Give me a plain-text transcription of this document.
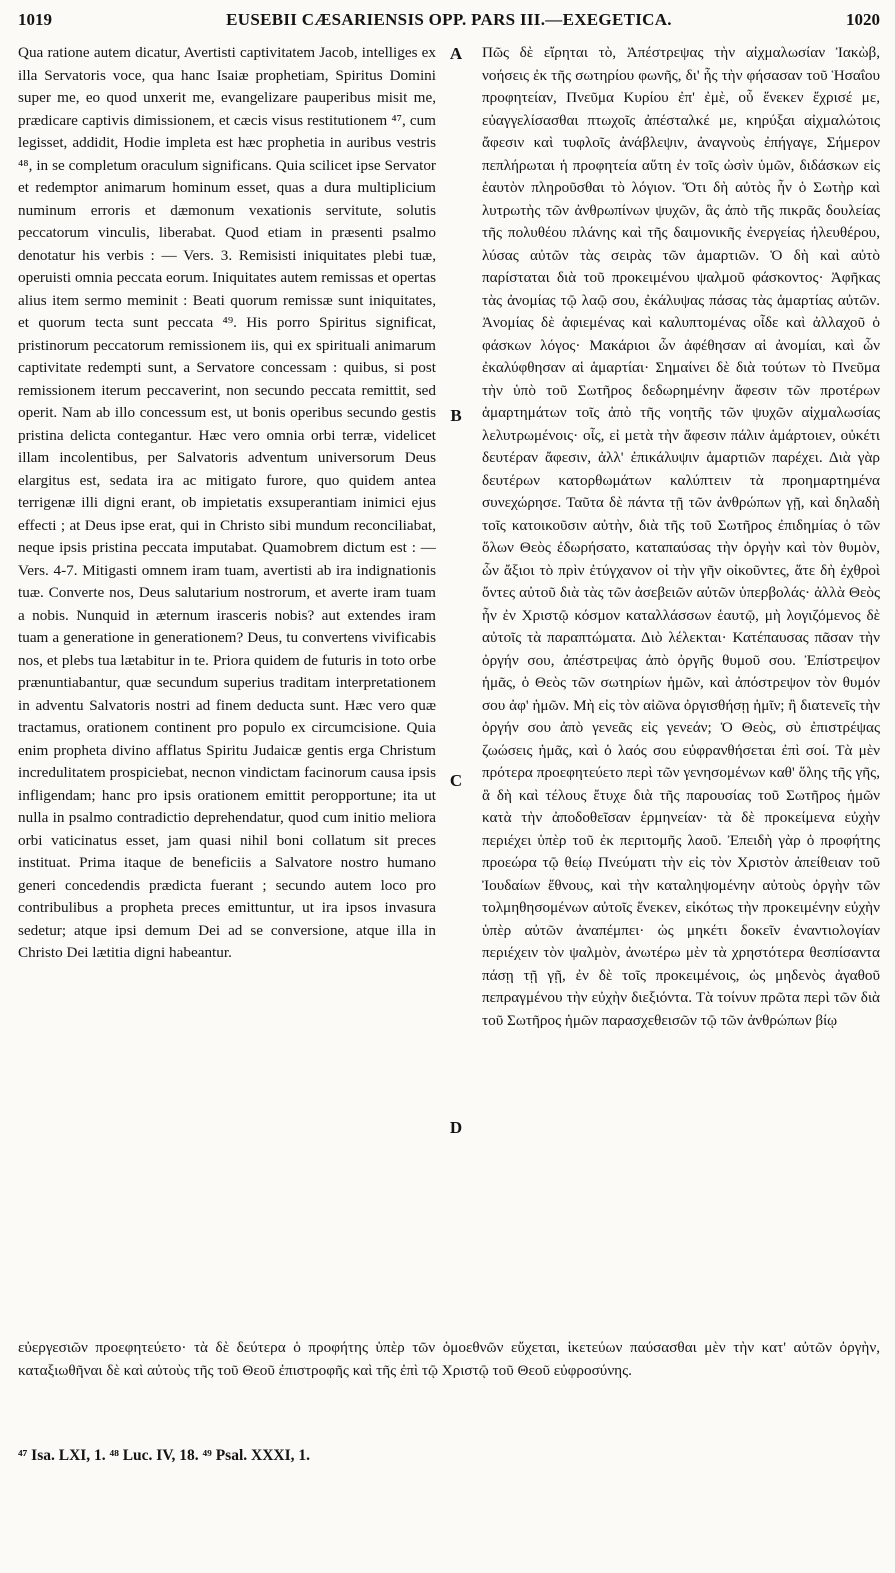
1019	EUSEBII CÆSARIENSIS OPP. PARS III.—EXEGETICA.	1020

Qua ratione autem dicatur, Avertisti captivitatem Jacob, intelliges ex illa Servatoris voce, qua hanc Isaiæ prophetiam, Spiritus Domini super me, eo quod unxerit me, evangelizare pauperibus misit me, prædicare captivis dimissionem, et cæcis visus restitutionem ⁴⁷, cum legisset, addidit, Hodie impleta est hæc prophetia in auribus vestris ⁴⁸, in se completum oraculum significans. Quia scilicet ipse Servator et redemptor animarum hominum esset, quas a dura multiplicium numinum erroris et dæmonum vexationis servitute, solutis peccatorum vinculis, liberabat. Quod etiam in præsenti psalmo denotatur his verbis : — Vers. 3. Remisisti iniquitates plebi tuæ, operuisti omnia peccata eorum. Iniquitates autem remissas et opertas alius item sermo meminit : Beati quorum remissæ sunt iniquitates, et quorum tecta sunt peccata ⁴⁹. His porro Spiritus significat, pristinorum peccatorum remissionem iis, qui ex spirituali animarum captivitate redempti sunt, a Servatore concessam : quibus, si post remissionem iterum peccaverint, non secundo peccata remittit, sed operit. Nam ab illo concessum est, ut bonis operibus secundo gestis pristina delicta contegantur. Hæc vero omnia orbi terræ, videlicet illam incolentibus, per Salvatoris adventum universorum Deus elargitus est, sedata ira ac mitigato furore, quo quidem antea terrigenæ illi digni erant, ob impietatis exsuperantiam inimici ejus effecti ; at Deus ipse erat, qui in Christo sibi mundum reconciliabat, neque ipsis pristina peccata imputabat. Quamobrem dictum est : — Vers. 4-7. Mitigasti omnem iram tuam, avertisti ab ira indignationis tuæ. Converte nos, Deus salutarium nostrorum, et averte iram tuam a nobis. Nunquid in æternum irasceris nobis? aut extendes iram tuam a generatione in generationem? Deus, tu convertens vivificabis nos, et plebs tua lætabitur in te. Priora quidem de futuris in toto orbe prænuntiabantur, quæ secundum superius traditam interpretationem in adventu Salvatoris nostri ad finem deducta sunt. Hæc vero quæ tractamus, orationem continent pro populo ex circumcisione. Quia enim propheta divino afflatus Spiritu Judaicæ gentis erga Christum incredulitatem prospiciebat, necnon vindictam facinorum causa ipsis infligendam; hanc pro ipsis orationem emittit peropportune; ita ut nulla in psalmo contradictio deprehendatur, quod cum initio meliora orbi vaticinatus esset, jam quasi nihil boni collatum sit preces instituat. Prima itaque de beneficiis a Salvatore nostro humano generi concedendis prædicta fuerant ; secundo autem loco pro contribulibus a propheta preces emittuntur, ut ira ipsos invasura sedetur; atque ipsi demum Dei ad se conversione, atque illa in Christo Dei lætitia digni habeantur.

A
B
C
D

Πῶς δὲ εἴρηται τὸ, Ἀπέστρεψας τὴν αἰχμαλωσίαν Ἰακὼβ, νοήσεις ἐκ τῆς σωτηρίου φωνῆς, δι' ἧς τὴν φήσασαν τοῦ Ἡσαΐου προφητείαν, Πνεῦμα Κυρίου ἐπ' ἐμὲ, οὗ ἕνεκεν ἔχρισέ με, εὐαγγελίσασθαι πτωχοῖς ἀπέσταλκέ με, κηρύξαι αἰχμαλώτοις ἄφεσιν καὶ τυφλοῖς ἀνάβλεψιν, ἀναγνοὺς ἐπήγαγε, Σήμερον πεπλήρωται ἡ προφητεία αὕτη ἐν τοῖς ὠσὶν ὑμῶν, διδάσκων εἰς ἑαυτὸν πληροῦσθαι τὸ λόγιον. Ὅτι δὴ αὐτὸς ἦν ὁ Σωτὴρ καὶ λυτρωτὴς τῶν ἀνθρωπίνων ψυχῶν, ἃς ἀπὸ τῆς πικρᾶς δουλείας τῆς πολυθέου πλάνης καὶ τῆς δαιμονικῆς ἐνεργείας ἠλευθέρου, λύσας αὐτῶν τὰς σειρὰς τῶν ἁμαρτιῶν. Ὁ δὴ καὶ αὐτὸ παρίσταται διὰ τοῦ προκειμένου ψαλμοῦ φάσκοντος· Ἀφῆκας τὰς ἀνομίας τῷ λαῷ σου, ἐκάλυψας πάσας τὰς ἁμαρτίας αὐτῶν. Ἀνομίας δὲ ἀφιεμένας καὶ καλυπτομένας οἶδε καὶ ἀλλαχοῦ ὁ φάσκων λόγος· Μακάριοι ὧν ἀφέθησαν αἱ ἀνομίαι, καὶ ὧν ἐκαλύφθησαν αἱ ἁμαρτίαι· Σημαίνει δὲ διὰ τούτων τὸ Πνεῦμα τὴν ὑπὸ τοῦ Σωτῆρος δεδωρημένην ἄφεσιν τῶν προτέρων ἁμαρτημάτων τοῖς ἀπὸ τῆς νοητῆς τῶν ψυχῶν αἰχμαλωσίας λελυτρωμένοις· οἷς, εἰ μετὰ τὴν ἄφεσιν πάλιν ἁμάρτοιεν, οὐκέτι δευτέραν ἄφεσιν, ἀλλ' ἐπικάλυψιν ἁμαρτιῶν παρέχει. Διὰ γὰρ δευτέρων κατορθωμάτων καλύπτειν τὰ προημαρτημένα συνεχώρησε. Ταῦτα δὲ πάντα τῇ τῶν ἀνθρώπων γῇ, καὶ δηλαδὴ τοῖς κατοικοῦσιν αὐτὴν, διὰ τῆς τοῦ Σωτῆρος ἐπιδημίας ὁ τῶν ὅλων Θεὸς ἐδωρήσατο, καταπαύσας τὴν ὀργὴν καὶ τὸν θυμὸν, ὧν ἄξιοι τὸ πρὶν ἐτύγχανον οἱ τὴν γῆν οἰκοῦντες, ἅτε δὴ ἐχθροὶ ὄντες αὐτοῦ διὰ τὰς τῶν ἀσεβειῶν αὐτῶν ὑπερβολάς· ἀλλὰ Θεὸς ἦν ἐν Χριστῷ κόσμον καταλλάσσων ἑαυτῷ, μὴ λογιζόμενος δὲ αὐτοῖς τὰ παραπτώματα. Διὸ λέλεκται· Κατέπαυσας πᾶσαν τὴν ὀργήν σου, ἀπέστρεψας ἀπὸ ὀργῆς θυμοῦ σου. Ἐπίστρεψον ἡμᾶς, ὁ Θεὸς τῶν σωτηρίων ἡμῶν, καὶ ἀπόστρεψον τὸν θυμόν σου ἀφ' ἡμῶν. Μὴ εἰς τὸν αἰῶνα ὀργισθήσῃ ἡμῖν; ἢ διατενεῖς τὴν ὀργήν σου ἀπὸ γενεᾶς εἰς γενεάν; Ὁ Θεὸς, σὺ ἐπιστρέψας ζωώσεις ἡμᾶς, καὶ ὁ λαός σου εὐφρανθήσεται ἐπὶ σοί. Τὰ μὲν πρότερα προεφητεύετο περὶ τῶν γενησομένων καθ' ὅλης τῆς γῆς, ἃ δὴ καὶ τέλους ἔτυχε διὰ τῆς παρουσίας τοῦ Σωτῆρος ἡμῶν κατὰ τὴν ἀποδοθεῖσαν ἑρμηνείαν· τὰ δὲ προκείμενα εὐχὴν περιέχει ὑπὲρ τοῦ ἐκ περιτομῆς λαοῦ. Ἐπειδὴ γὰρ ὁ προφήτης προεώρα τῷ θείῳ Πνεύματι τὴν εἰς τὸν Χριστὸν ἀπείθειαν τοῦ Ἰουδαίων ἔθνους, καὶ τὴν καταληψομένην αὐτοὺς ὀργὴν τῶν τολμηθησομένων αὐτοῖς ἕνεκεν, εἰκότως τὴν προκειμένην εὐχὴν ὑπὲρ αὐτῶν ἀναπέμπει· ὡς μηκέτι δοκεῖν ἐναντιολογίαν περιέχειν τὸν ψαλμὸν, ἀνωτέρω μὲν τὰ χρηστότερα θεσπίσαντα πάσῃ τῇ γῇ, ἐν δὲ τοῖς προκειμένοις, ὡς μηδενὸς ἀγαθοῦ πεπραγμένου τὴν εὐχὴν διεξιόντα. Τὰ τοίνυν πρῶτα περὶ τῶν διὰ τοῦ Σωτῆρος ἡμῶν παρασχεθεισῶν τῷ τῶν ἀνθρώπων βίῳ

εὐεργεσιῶν προεφητεύετο· τὰ δὲ δεύτερα ὁ προφήτης ὑπὲρ τῶν ὁμοεθνῶν εὔχεται, ἱκετεύων παύσασθαι μὲν τὴν κατ' αὐτῶν ὀργὴν, καταξιωθῆναι δὲ καὶ αὐτοὺς τῆς τοῦ Θεοῦ ἐπιστροφῆς καὶ τῆς ἐπὶ τῷ Χριστῷ τοῦ Θεοῦ εὐφροσύνης.

⁴⁷ Isa. LXI, 1. ⁴⁸ Luc. IV, 18. ⁴⁹ Psal. XXXI, 1.
